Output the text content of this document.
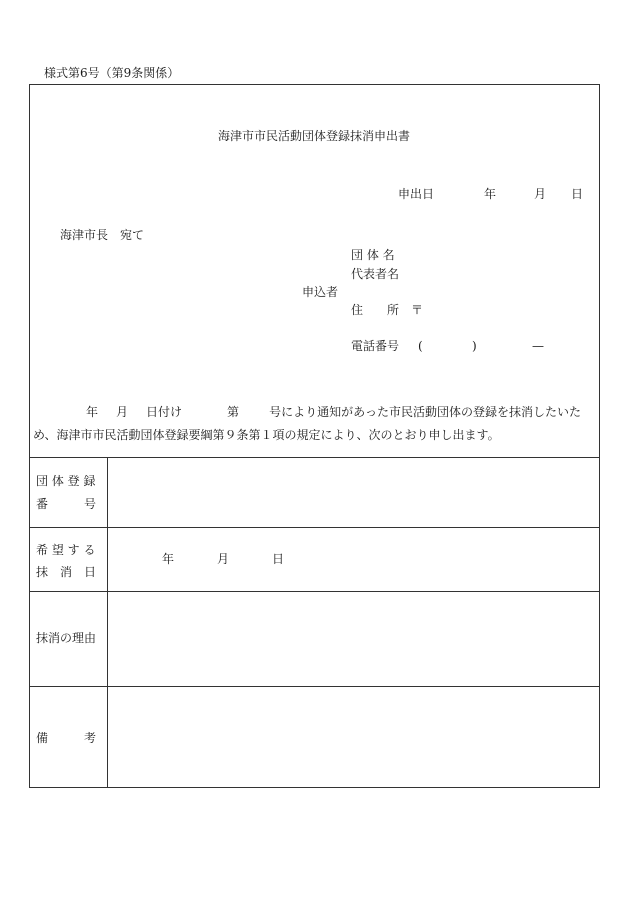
様式第6号（第9条関係）
海津市市民活動団体登録抹消申出書
申出日	年	月 日
海津市長　宛て
団 体 名
代表者名
申込者
住　　所 〒
電話番号 (	)	—

年 月 日付け	第	号により通知があった市民活動団体の登録を抹消したいた

め、海津市市民活動団体登録要綱第９条第１項の規定により、次のとおり申し出ます。

団 体 登 録
番　　　号
希 望 す る
抹　消　日
年	月	日
抹消の理由
備　　　考
